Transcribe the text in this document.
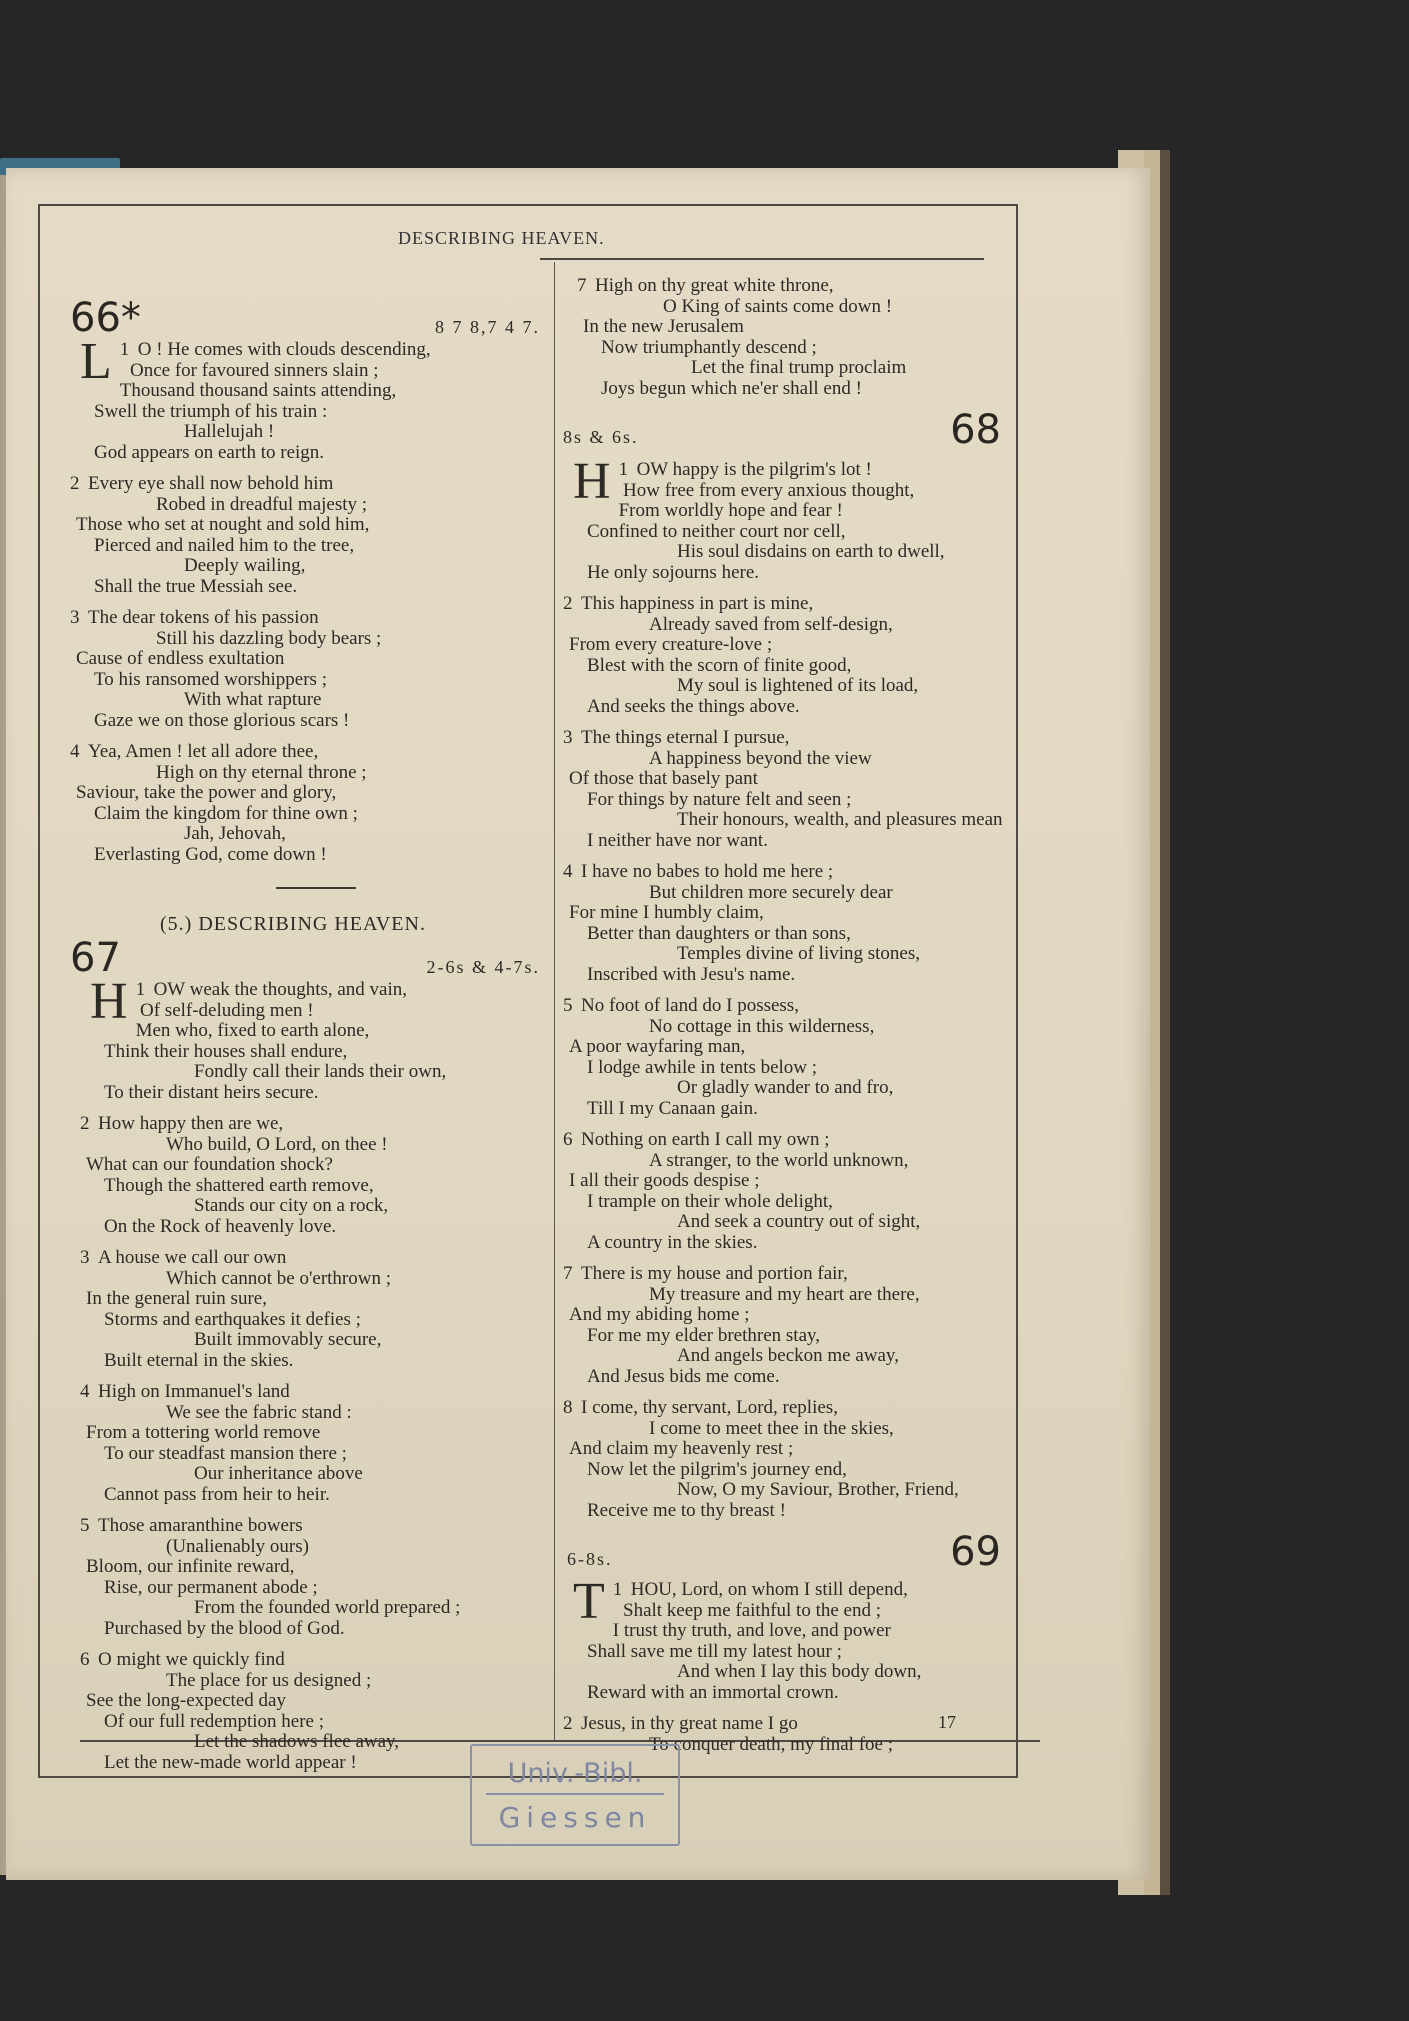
DESCRIBING HEAVEN.
66*	8 7 8,7 4 7.
L 1 O ! He comes with clouds descending,
Once for favoured sinners slain ;
Thousand thousand saints attending,
Swell the triumph of his train :
Hallelujah !
God appears on earth to reign.
2 Every eye shall now behold him
Robed in dreadful majesty ;
Those who set at nought and sold him,
Pierced and nailed him to the tree,
Deeply wailing,
Shall the true Messiah see.
3 The dear tokens of his passion
Still his dazzling body bears ;
Cause of endless exultation
To his ransomed worshippers ;
With what rapture
Gaze we on those glorious scars !
4 Yea, Amen ! let all adore thee,
High on thy eternal throne ;
Saviour, take the power and glory,
Claim the kingdom for thine own ;
Jah, Jehovah,
Everlasting God, come down !
(5.) DESCRIBING HEAVEN.
67	2-6s & 4-7s.
H 1 OW weak the thoughts, and vain,
Of self-deluding men !
Men who, fixed to earth alone,
Think their houses shall endure,
Fondly call their lands their own,
To their distant heirs secure.
2 How happy then are we,
Who build, O Lord, on thee !
What can our foundation shock?
Though the shattered earth remove,
Stands our city on a rock,
On the Rock of heavenly love.
3 A house we call our own
Which cannot be o'erthrown ;
In the general ruin sure,
Storms and earthquakes it defies ;
Built immovably secure,
Built eternal in the skies.
4 High on Immanuel's land
We see the fabric stand :
From a tottering world remove
To our steadfast mansion there ;
Our inheritance above
Cannot pass from heir to heir.
5 Those amaranthine bowers
(Unalienably ours)
Bloom, our infinite reward,
Rise, our permanent abode ;
From the founded world prepared ;
Purchased by the blood of God.
6 O might we quickly find
The place for us designed ;
See the long-expected day
Of our full redemption here ;
Let the shadows flee away,
Let the new-made world appear !
7 High on thy great white throne,
O King of saints come down !
In the new Jerusalem
Now triumphantly descend ;
Let the final trump proclaim
Joys begun which ne'er shall end !
8s & 6s.	68
H 1 OW happy is the pilgrim's lot !
How free from every anxious thought,
From worldly hope and fear !
Confined to neither court nor cell,
His soul disdains on earth to dwell,
He only sojourns here.
2 This happiness in part is mine,
Already saved from self-design,
From every creature-love ;
Blest with the scorn of finite good,
My soul is lightened of its load,
And seeks the things above.
3 The things eternal I pursue,
A happiness beyond the view
Of those that basely pant
For things by nature felt and seen ;
Their honours, wealth, and pleasures mean
I neither have nor want.
4 I have no babes to hold me here ;
But children more securely dear
For mine I humbly claim,
Better than daughters or than sons,
Temples divine of living stones,
Inscribed with Jesu's name.
5 No foot of land do I possess,
No cottage in this wilderness,
A poor wayfaring man,
I lodge awhile in tents below ;
Or gladly wander to and fro,
Till I my Canaan gain.
6 Nothing on earth I call my own ;
A stranger, to the world unknown,
I all their goods despise ;
I trample on their whole delight,
And seek a country out of sight,
A country in the skies.
7 There is my house and portion fair,
My treasure and my heart are there,
And my abiding home ;
For me my elder brethren stay,
And angels beckon me away,
And Jesus bids me come.
8 I come, thy servant, Lord, replies,
I come to meet thee in the skies,
And claim my heavenly rest ;
Now let the pilgrim's journey end,
Now, O my Saviour, Brother, Friend,
Receive me to thy breast !
6-8s.	69
T 1 HOU, Lord, on whom I still depend,
Shalt keep me faithful to the end ;
I trust thy truth, and love, and power
Shall save me till my latest hour ;
And when I lay this body down,
Reward with an immortal crown.
2 Jesus, in thy great name I go
To conquer death, my final foe ;
17
Univ.-Bibl.
Giessen
